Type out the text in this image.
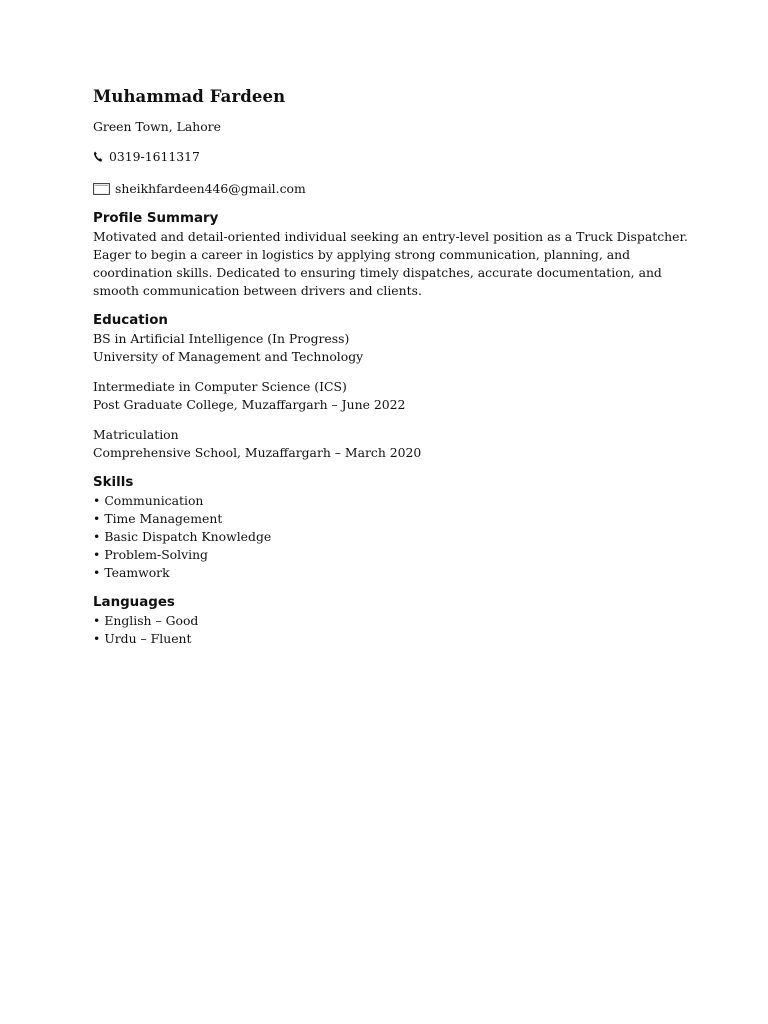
Muhammad Fardeen
Green Town, Lahore
0319-1611317
sheikhfardeen446@gmail.com
Profile Summary

Motivated and detail-oriented individual seeking an entry-level position as a Truck Dispatcher.
Eager to begin a career in logistics by applying strong communication, planning, and
coordination skills. Dedicated to ensuring timely dispatches, accurate documentation, and
smooth communication between drivers and clients.

Education
BS in Artificial Intelligence (In Progress)
University of Management and Technology
Intermediate in Computer Science (ICS)
Post Graduate College, Muzaffargarh – June 2022
Matriculation
Comprehensive School, Muzaffargarh – March 2020
Skills
• Communication
• Time Management
• Basic Dispatch Knowledge
• Problem-Solving
• Teamwork
Languages
• English – Good
• Urdu – Fluent
